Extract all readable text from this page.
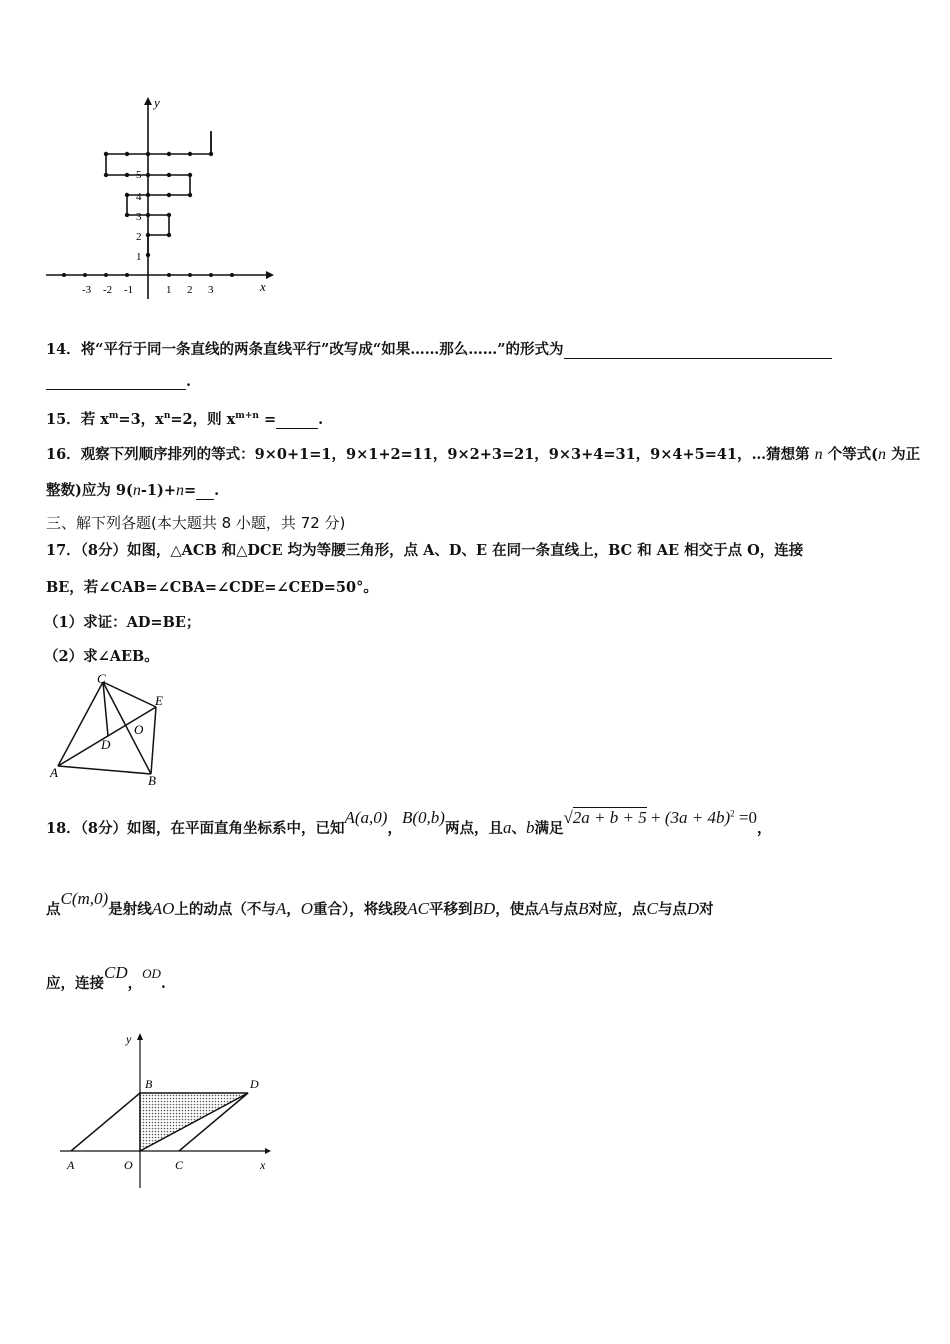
x
y
-3 -2 -1	1 2 3
1
2
3
4
5
14．将“平行于同一条直线的两条直线平行”改写成“如果……那么……”的形式为
.
15．若 $x^m=3$，$x^n=2$，则 $x^{m+n}$ =	.
16．观察下列顺序排列的等式：9×0+1=1，9×1+2=11，9×2+3=21，9×3+4=31，9×4+5=41，…猜想第 n 个等式(n 为正
整数)应为 9(n-1)+n= .
三、解下列各题(本大题共 8 小题，共 72 分)
17．（8分）如图，△ACB 和△DCE 均为等腰三角形，点 A、D、E 在同一条直线上，BC 和 AE 相交于点 O，连接
BE，若∠CAB=∠CBA=∠CDE=∠CED=50°。
（1）求证：AD=BE；
（2）求∠AEB。
C
E
D
O
A
B
18．（8分）如图，在平面直角坐标系中，已知A(a,0)，B(0,b)两点，且a、b满足$√2a + b + 5 + (3a + 4b)^2 =0$，
点C(m,0)是射线AO上的动点（不与A，O重合），将线段AC平移到BD，使点A与点B对应，点C与点D对
应，连接CD，OD.
y
B	D
A	O	C	x
